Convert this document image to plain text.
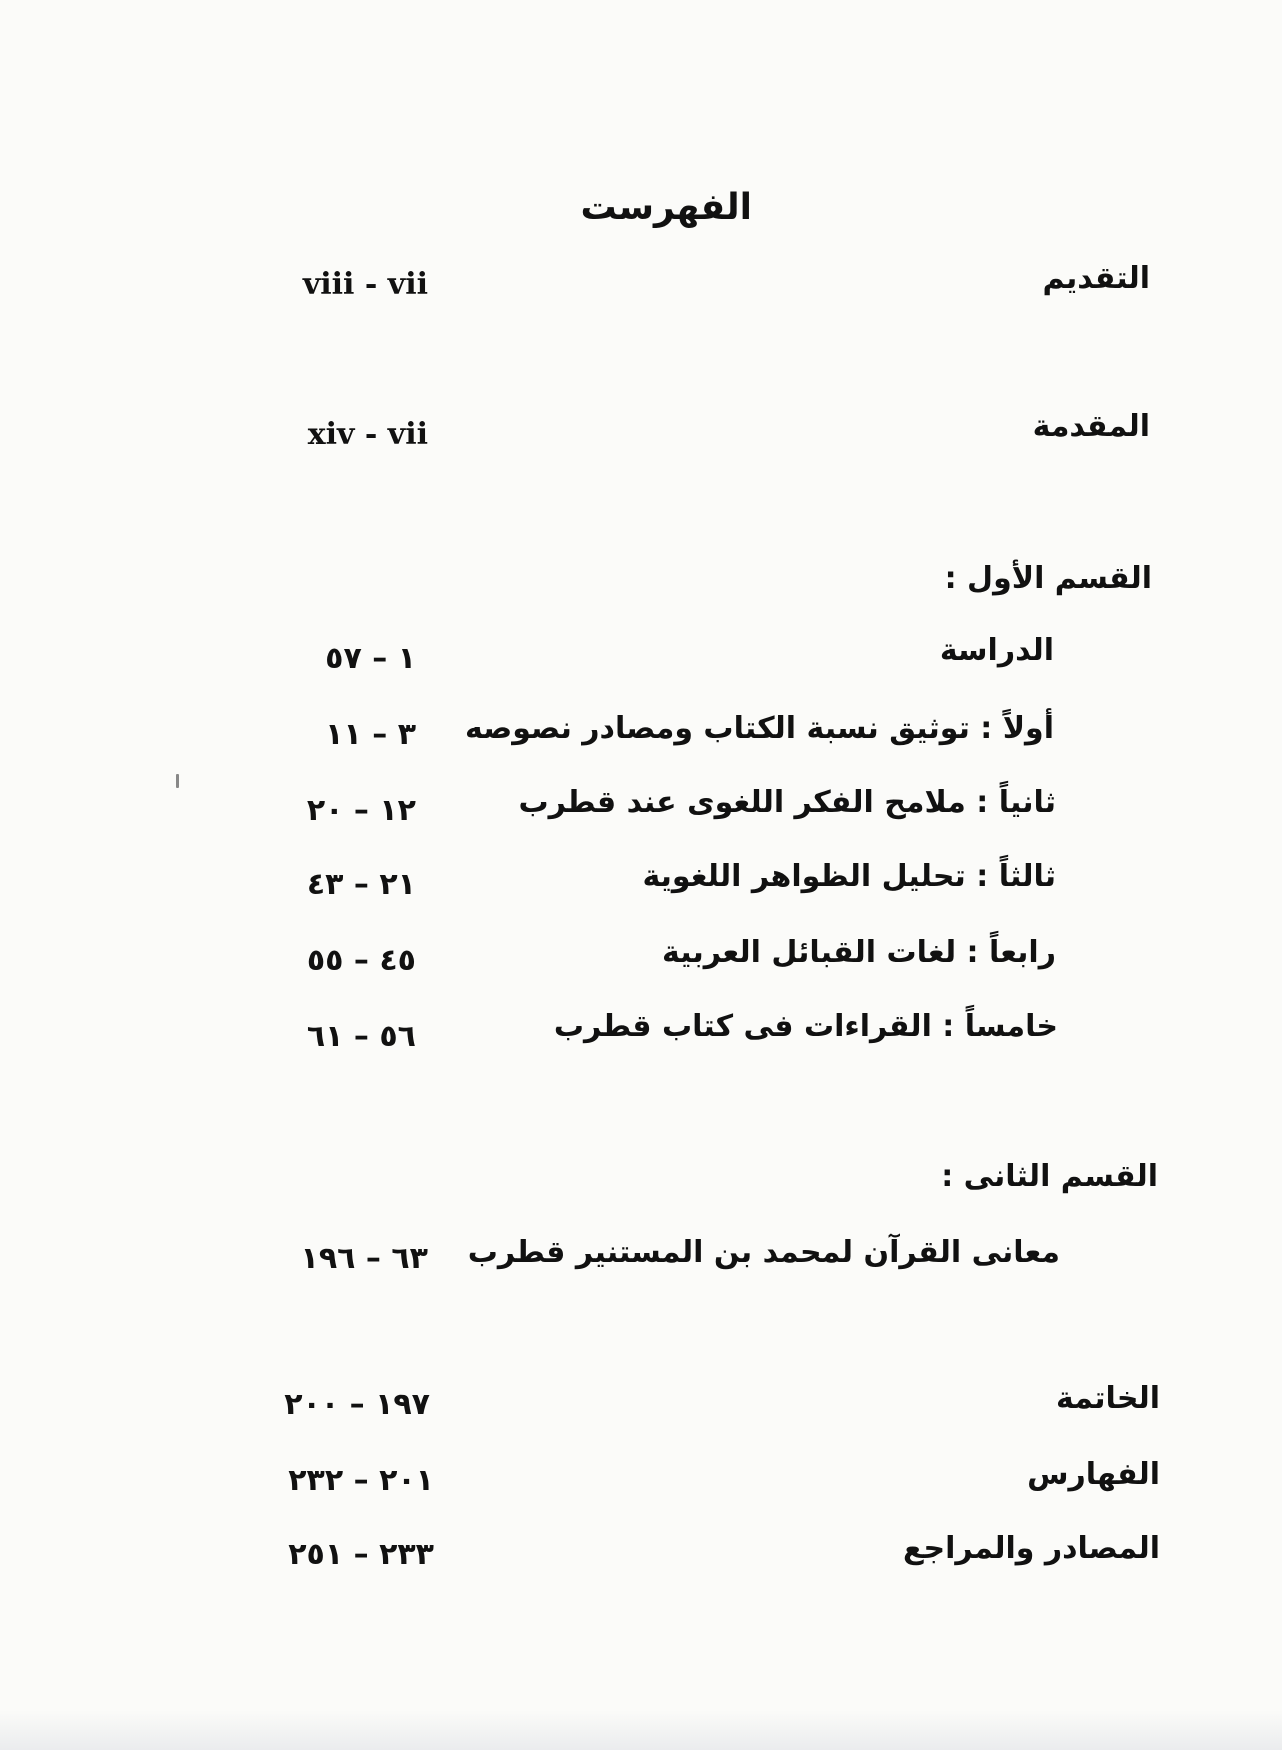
الفهرست
التقديم
viii - vii
المقدمة
xiv - vii
القسم الأول :
الدراسة
١ – ٥٧
أولاً : توثيق نسبة الكتاب ومصادر نصوصه
٣ – ١١
ثانياً : ملامح الفكر اللغوى عند قطرب
١٢ – ٢٠
ثالثاً : تحليل الظواهر اللغوية
٢١ – ٤٣
رابعاً : لغات القبائل العربية
٤٥ – ٥٥
خامساً : القراءات فى كتاب قطرب
٥٦ – ٦١
القسم الثانى :
معانى القرآن لمحمد بن المستنير قطرب
٦٣ – ١٩٦
الخاتمة
١٩٧ – ٢٠٠
الفهارس
٢٠١ – ٢٣٢
المصادر والمراجع
٢٣٣ – ٢٥١
